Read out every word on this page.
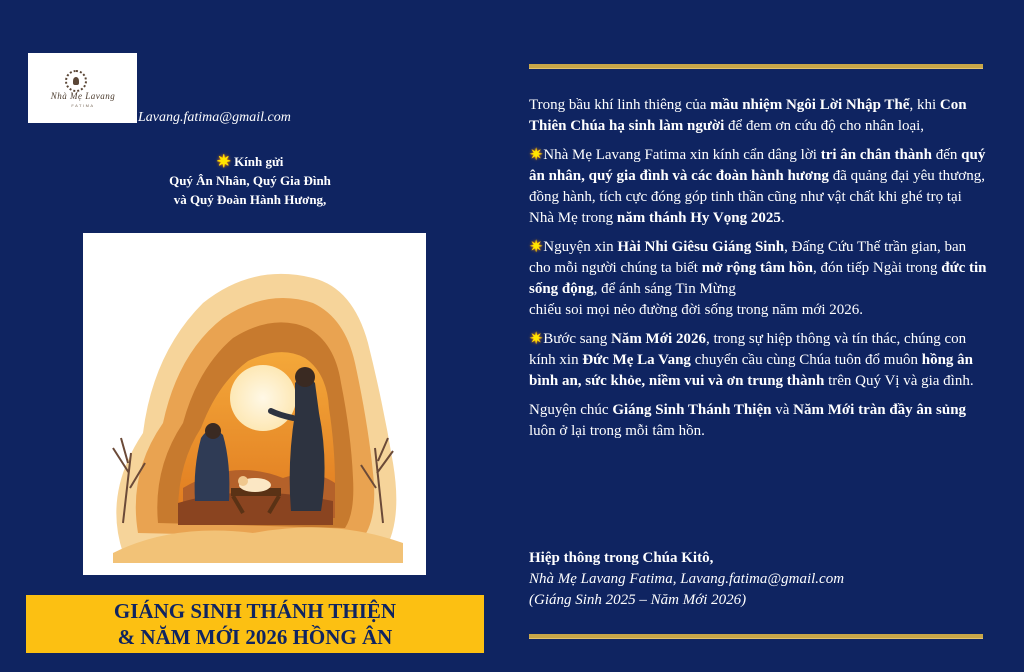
Nhà Mẹ Lavang
FATIMA
Lavang.fatima@gmail.com
✷ Kính gửi
Quý Ân Nhân, Quý Gia Đình
và Quý Đoàn Hành Hương,
GIÁNG SINH THÁNH THIỆN
& NĂM MỚI 2026 HỒNG ÂN

Trong bầu khí linh thiêng của mầu nhiệm Ngôi Lời Nhập Thể, khi Con Thiên Chúa hạ sinh làm người để đem ơn cứu độ cho nhân loại,

✷Nhà Mẹ Lavang Fatima xin kính cẩn dâng lời tri ân chân thành đến quý ân nhân, quý gia đình và các đoàn hành hương đã quảng đại yêu thương, đồng hành, tích cực đóng góp tinh thần cũng như vật chất khi ghé trọ tại Nhà Mẹ trong năm thánh Hy Vọng 2025.

✷Nguyện xin Hài Nhi Giêsu Giáng Sinh, Đấng Cứu Thế trần gian, ban cho mỗi người chúng ta biết mở rộng tâm hồn, đón tiếp Ngài trong đức tin sống động, để ánh sáng Tin Mừng

chiếu soi mọi nẻo đường đời sống trong năm mới 2026.

✷Bước sang Năm Mới 2026, trong sự hiệp thông và tín thác, chúng con kính xin Đức Mẹ La Vang chuyển cầu cùng Chúa tuôn đổ muôn hồng ân bình an, sức khỏe, niềm vui và ơn trung thành trên Quý Vị và gia đình.

Nguyện chúc Giáng Sinh Thánh Thiện và Năm Mới tràn đầy ân sủng luôn ở lại trong mỗi tâm hồn.

Hiệp thông trong Chúa Kitô,
Nhà Mẹ Lavang Fatima, Lavang.fatima@gmail.com
(Giáng Sinh 2025 – Năm Mới 2026)
